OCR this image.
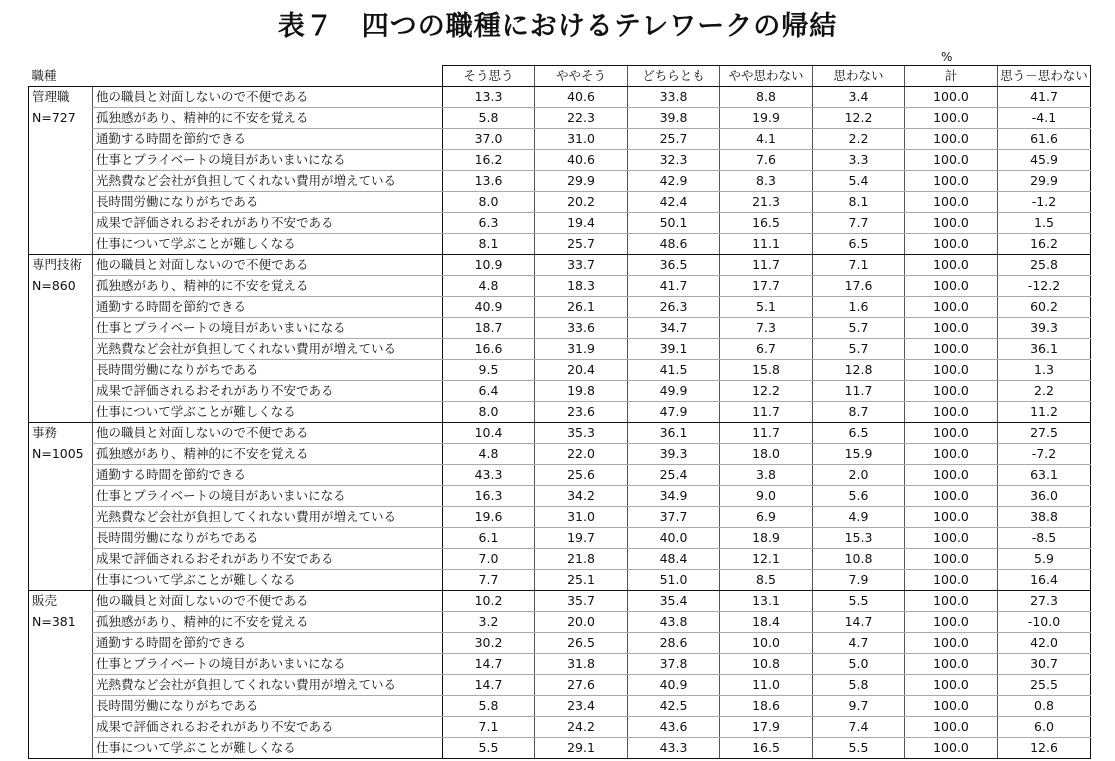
表７　四つの職種におけるテレワークの帰結
%
職種		そう思う	ややそう	どちらとも	やや思わない	思わない	計	思う－思わない
管理職	他の職員と対面しないので不便である	13.3	40.6	33.8	8.8	3.4	100.0	41.7
N=727	孤独感があり、精神的に不安を覚える	5.8	22.3	39.8	19.9	12.2	100.0	-4.1
	通勤する時間を節約できる	37.0	31.0	25.7	4.1	2.2	100.0	61.6
	仕事とプライベートの境目があいまいになる	16.2	40.6	32.3	7.6	3.3	100.0	45.9
	光熱費など会社が負担してくれない費用が増えている	13.6	29.9	42.9	8.3	5.4	100.0	29.9
	長時間労働になりがちである	8.0	20.2	42.4	21.3	8.1	100.0	-1.2
	成果で評価されるおそれがあり不安である	6.3	19.4	50.1	16.5	7.7	100.0	1.5
	仕事について学ぶことが難しくなる	8.1	25.7	48.6	11.1	6.5	100.0	16.2
専門技術	他の職員と対面しないので不便である	10.9	33.7	36.5	11.7	7.1	100.0	25.8
N=860	孤独感があり、精神的に不安を覚える	4.8	18.3	41.7	17.7	17.6	100.0	-12.2
	通勤する時間を節約できる	40.9	26.1	26.3	5.1	1.6	100.0	60.2
	仕事とプライベートの境目があいまいになる	18.7	33.6	34.7	7.3	5.7	100.0	39.3
	光熱費など会社が負担してくれない費用が増えている	16.6	31.9	39.1	6.7	5.7	100.0	36.1
	長時間労働になりがちである	9.5	20.4	41.5	15.8	12.8	100.0	1.3
	成果で評価されるおそれがあり不安である	6.4	19.8	49.9	12.2	11.7	100.0	2.2
	仕事について学ぶことが難しくなる	8.0	23.6	47.9	11.7	8.7	100.0	11.2
事務	他の職員と対面しないので不便である	10.4	35.3	36.1	11.7	6.5	100.0	27.5
N=1005	孤独感があり、精神的に不安を覚える	4.8	22.0	39.3	18.0	15.9	100.0	-7.2
	通勤する時間を節約できる	43.3	25.6	25.4	3.8	2.0	100.0	63.1
	仕事とプライベートの境目があいまいになる	16.3	34.2	34.9	9.0	5.6	100.0	36.0
	光熱費など会社が負担してくれない費用が増えている	19.6	31.0	37.7	6.9	4.9	100.0	38.8
	長時間労働になりがちである	6.1	19.7	40.0	18.9	15.3	100.0	-8.5
	成果で評価されるおそれがあり不安である	7.0	21.8	48.4	12.1	10.8	100.0	5.9
	仕事について学ぶことが難しくなる	7.7	25.1	51.0	8.5	7.9	100.0	16.4
販売	他の職員と対面しないので不便である	10.2	35.7	35.4	13.1	5.5	100.0	27.3
N=381	孤独感があり、精神的に不安を覚える	3.2	20.0	43.8	18.4	14.7	100.0	-10.0
	通勤する時間を節約できる	30.2	26.5	28.6	10.0	4.7	100.0	42.0
	仕事とプライベートの境目があいまいになる	14.7	31.8	37.8	10.8	5.0	100.0	30.7
	光熱費など会社が負担してくれない費用が増えている	14.7	27.6	40.9	11.0	5.8	100.0	25.5
	長時間労働になりがちである	5.8	23.4	42.5	18.6	9.7	100.0	0.8
	成果で評価されるおそれがあり不安である	7.1	24.2	43.6	17.9	7.4	100.0	6.0
	仕事について学ぶことが難しくなる	5.5	29.1	43.3	16.5	5.5	100.0	12.6
